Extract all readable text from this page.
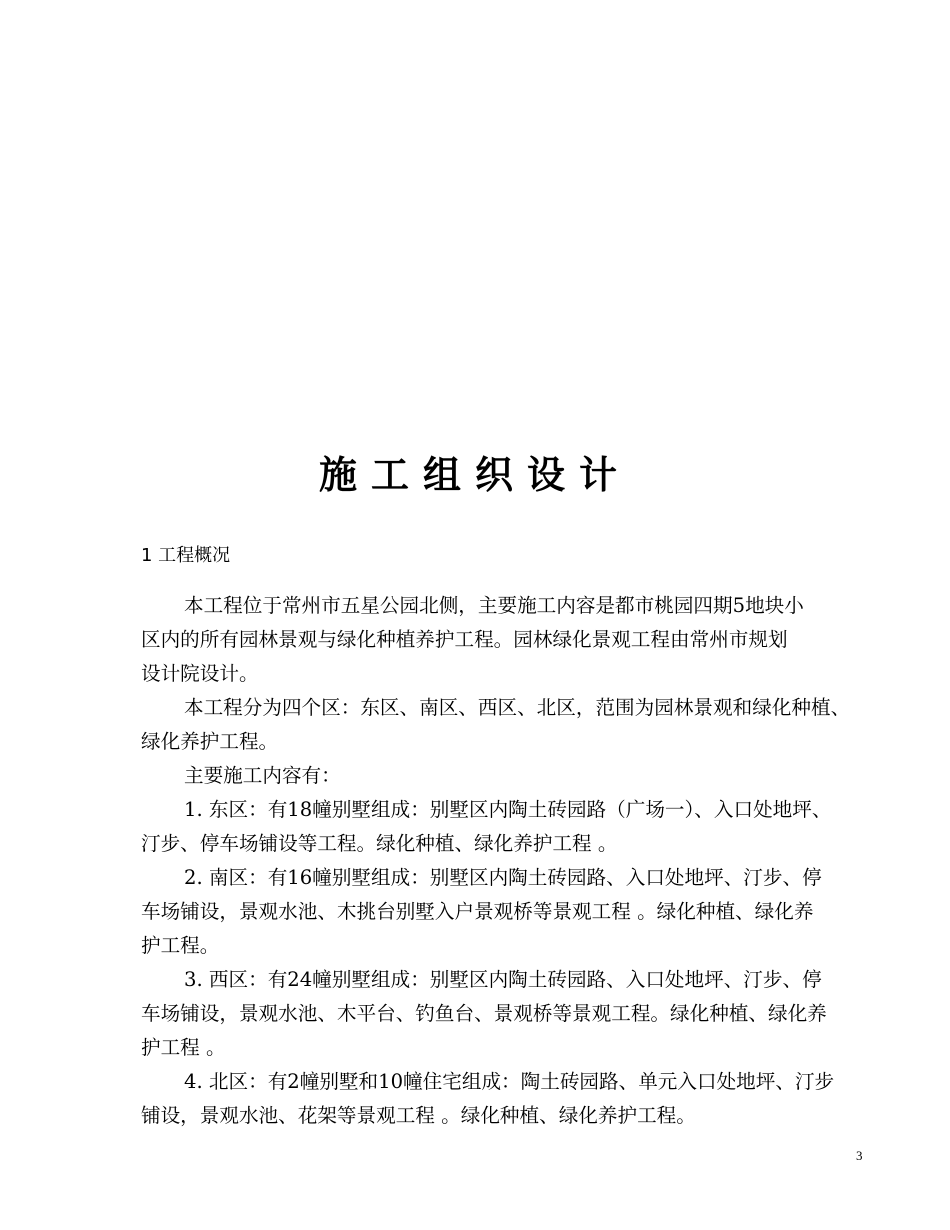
施工组织设计
1 工程概况
本工程位于常州市五星公园北侧，主要施工内容是都市桃园四期5地块小
区内的所有园林景观与绿化种植养护工程。园林绿化景观工程由常州市规划
设计院设计。
本工程分为四个区：东区、南区、西区、北区，范围为园林景观和绿化种植、
绿化养护工程。
主要施工内容有：
1. 东区：有18幢别墅组成：别墅区内陶土砖园路（广场一）、入口处地坪、
汀步、停车场铺设等工程。绿化种植、绿化养护工程 。
2. 南区：有16幢别墅组成：别墅区内陶土砖园路、入口处地坪、汀步、停
车场铺设，景观水池、木挑台别墅入户景观桥等景观工程 。绿化种植、绿化养
护工程。
3. 西区：有24幢别墅组成：别墅区内陶土砖园路、入口处地坪、汀步、停
车场铺设，景观水池、木平台、钓鱼台、景观桥等景观工程。绿化种植、绿化养
护工程 。
4. 北区：有2幢别墅和10幢住宅组成：陶土砖园路、单元入口处地坪、汀步
铺设，景观水池、花架等景观工程 。绿化种植、绿化养护工程。
3
